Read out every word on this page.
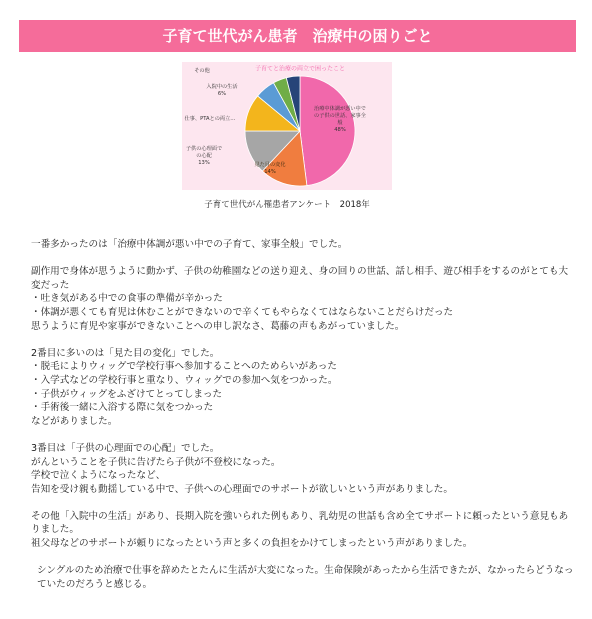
子育て世代がん患者　治療中の困りごと
子育てと治療の両立で困ったこと
治療中体調が悪い中での子供の世話、家事全般 48%
見た目の変化 14%
子供の心理面での心配 13%
仕事、PTAとの両立…
入院中の生活 6%
その他
子育て世代がん罹患者アンケート　2018年

一番多かったのは「治療中体調が悪い中での子育て、家事全般」でした。

副作用で身体が思うように動かず、子供の幼稚園などの送り迎え、身の回りの世話、話し相手、遊び相手をするのがとても大変だった
・吐き気がある中での食事の準備が辛かった
・体調が悪くても育児は休むことができないので辛くてもやらなくてはならないことだらけだった
思うように育児や家事ができないことへの申し訳なさ、葛藤の声もあがっていました。

2番目に多いのは「見た目の変化」でした。
・脱毛によりウィッグで学校行事へ参加することへのためらいがあった
・入学式などの学校行事と重なり、ウィッグでの参加へ気をつかった。
・子供がウィッグをふざけてとってしまった
・手術後一緒に入浴する際に気をつかった
などがありました。

3番目は「子供の心理面での心配」でした。
がんということを子供に告げたら子供が不登校になった。
学校で泣くようになったなど、
告知を受け親も動揺している中で、子供への心理面でのサポートが欲しいという声がありました。

その他「入院中の生活」があり、長期入院を強いられた例もあり、乳幼児の世話も含め全てサポートに頼ったという意見もありました。
祖父母などのサポートが頼りになったという声と多くの負担をかけてしまったという声がありました。

シングルのため治療で仕事を辞めたとたんに生活が大変になった。生命保険があったから生活できたが、なかったらどうなっていたのだろうと感じる。
